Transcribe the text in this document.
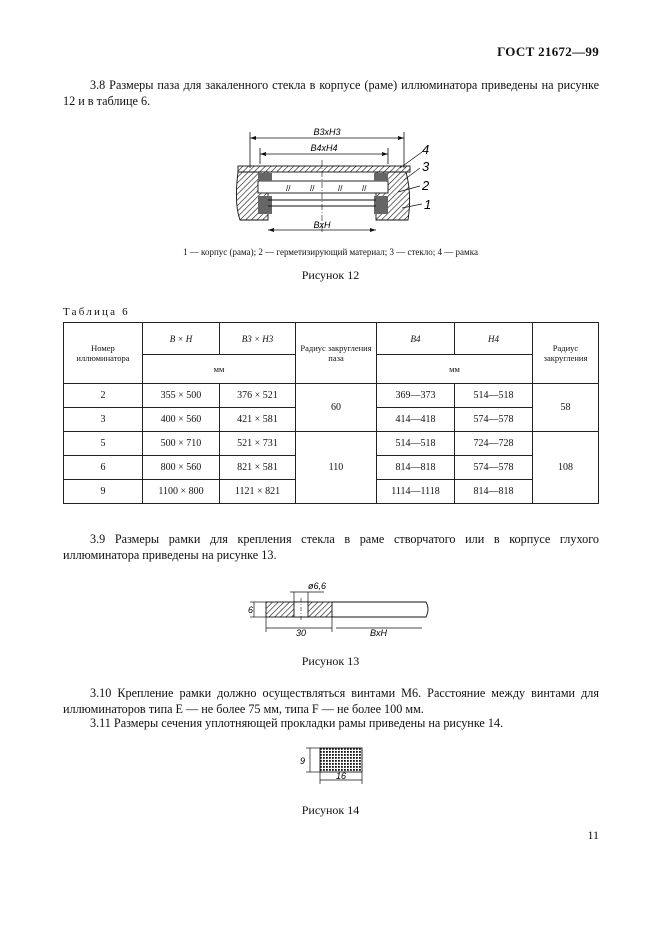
ГОСТ 21672—99
3.8 Размеры паза для закаленного стекла в корпусе (раме) иллюминатора приведены на рисунке 12 и в таблице 6.
B3xH3
B4xH4
// //	// //
BxH
4
3
2
1
1 — корпус (рама); 2 — герметизирующий материал; 3 — стекло; 4 — рамка
Рисунок 12
Таблица 6
Номер иллюминатора	B × H	B3 × H3	Радиус закругления паза	B4	H4	Радиус закругления
	мм			мм		
2	355 × 500	376 × 521	60	369—373	514—518	58
3	400 × 560	421 × 581		414—418	574—578	
5	500 × 710	521 × 731	110	514—518	724—728	108
6	800 × 560	821 × 581		814—818	574—578	
9	1100 × 800	1121 × 821		1114—1118	814—818	
3.9 Размеры рамки для крепления стекла в раме створчатого или в корпусе глухого иллюминатора приведены на рисунке 13.
ø6,6
6
30	BxH
Рисунок 13
3.10 Крепление рамки должно осуществляться винтами М6. Расстояние между винтами для иллюминаторов типа Е — не более 75 мм, типа F — не более 100 мм.
3.11 Размеры сечения уплотняющей прокладки рамы приведены на рисунке 14.
9
16
Рисунок 14
11
